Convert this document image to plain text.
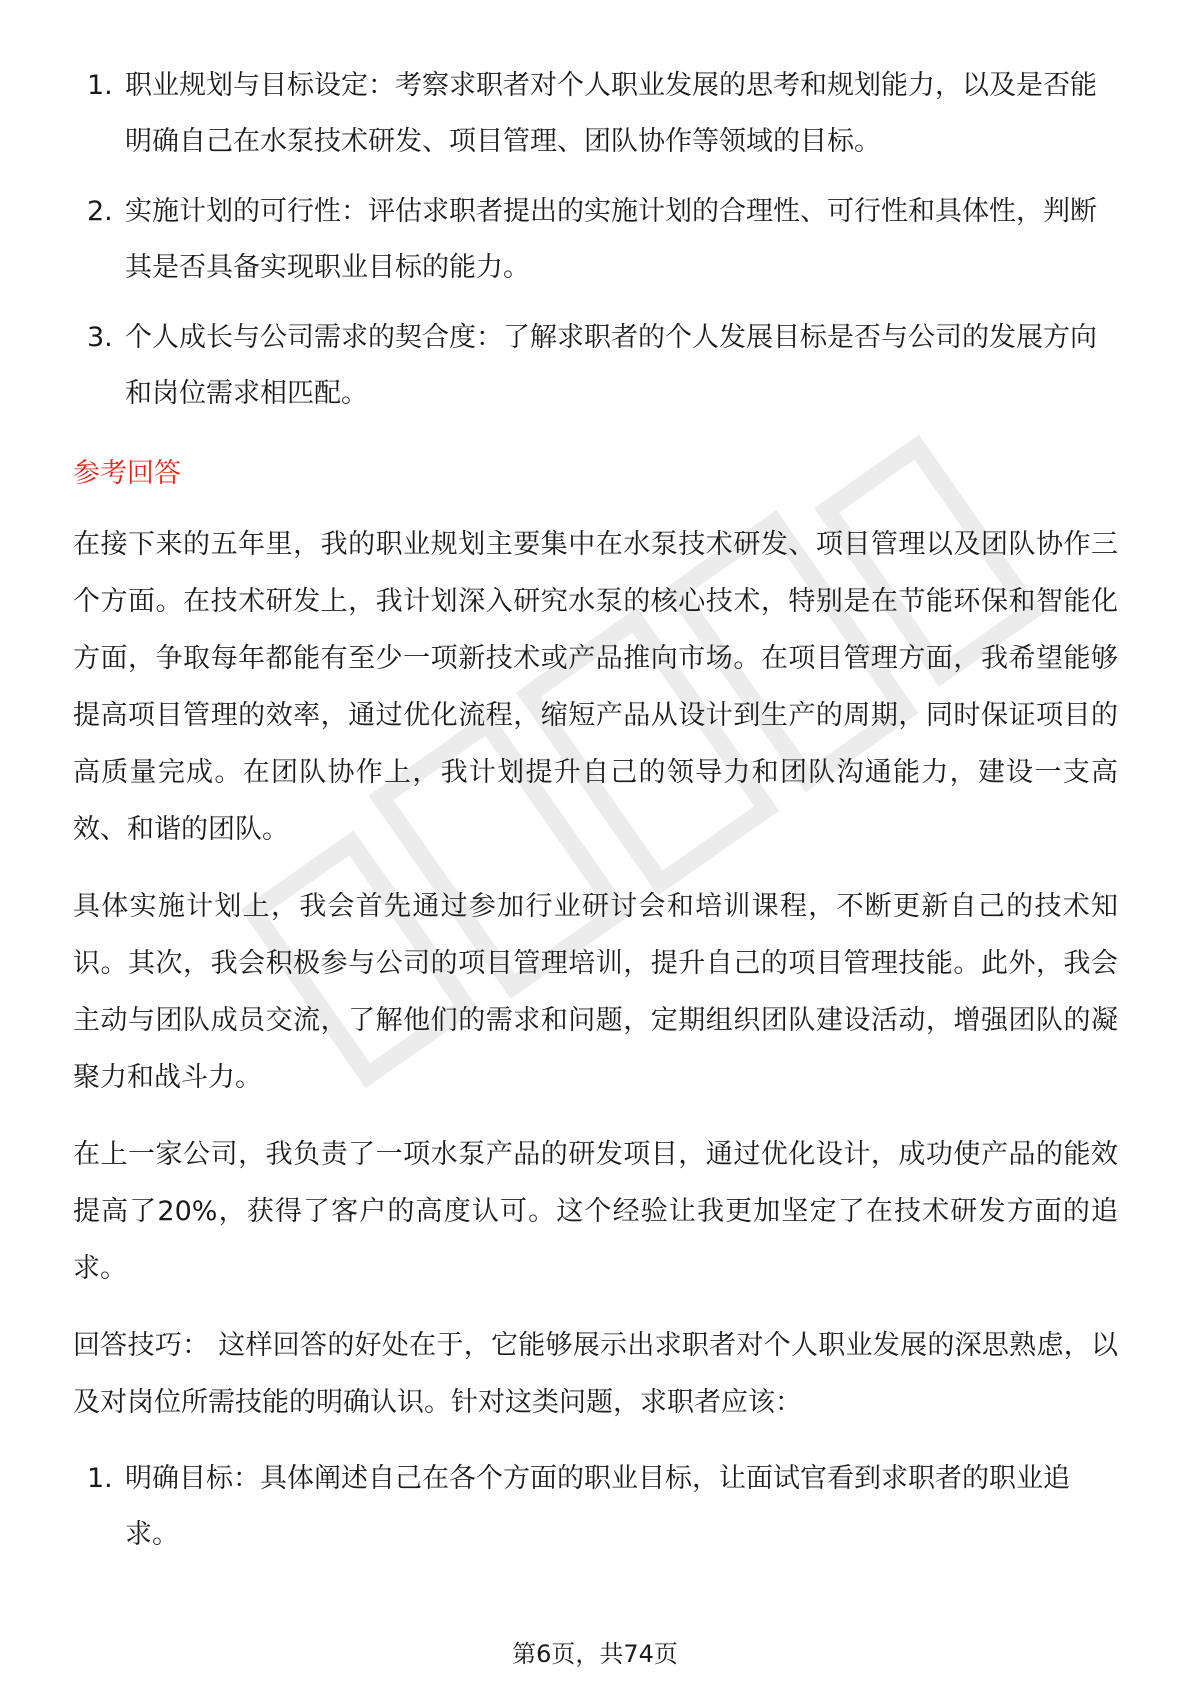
1. 职业规划与目标设定：考察求职者对个人职业发展的思考和规划能力，以及是否能明确自己在水泵技术研发、项目管理、团队协作等领域的目标。
2. 实施计划的可行性：评估求职者提出的实施计划的合理性、可行性和具体性，判断其是否具备实现职业目标的能力。
3. 个人成长与公司需求的契合度：了解求职者的个人发展目标是否与公司的发展方向和岗位需求相匹配。
参考回答

在接下来的五年里，我的职业规划主要集中在水泵技术研发、项目管理以及团队协作三个方面。在技术研发上，我计划深入研究水泵的核心技术，特别是在节能环保和智能化方面，争取每年都能有至少一项新技术或产品推向市场。在项目管理方面，我希望能够提高项目管理的效率，通过优化流程，缩短产品从设计到生产的周期，同时保证项目的高质量完成。在团队协作上，我计划提升自己的领导力和团队沟通能力，建设一支高效、和谐的团队。

具体实施计划上，我会首先通过参加行业研讨会和培训课程，不断更新自己的技术知识。其次，我会积极参与公司的项目管理培训，提升自己的项目管理技能。此外，我会主动与团队成员交流，了解他们的需求和问题，定期组织团队建设活动，增强团队的凝聚力和战斗力。

在上一家公司，我负责了一项水泵产品的研发项目，通过优化设计，成功使产品的能效提高了20%，获得了客户的高度认可。这个经验让我更加坚定了在技术研发方面的追求。

回答技巧： 这样回答的好处在于，它能够展示出求职者对个人职业发展的深思熟虑，以及对岗位所需技能的明确认识。针对这类问题，求职者应该：

1. 明确目标：具体阐述自己在各个方面的职业目标，让面试官看到求职者的职业追求。
第6页，共74页
